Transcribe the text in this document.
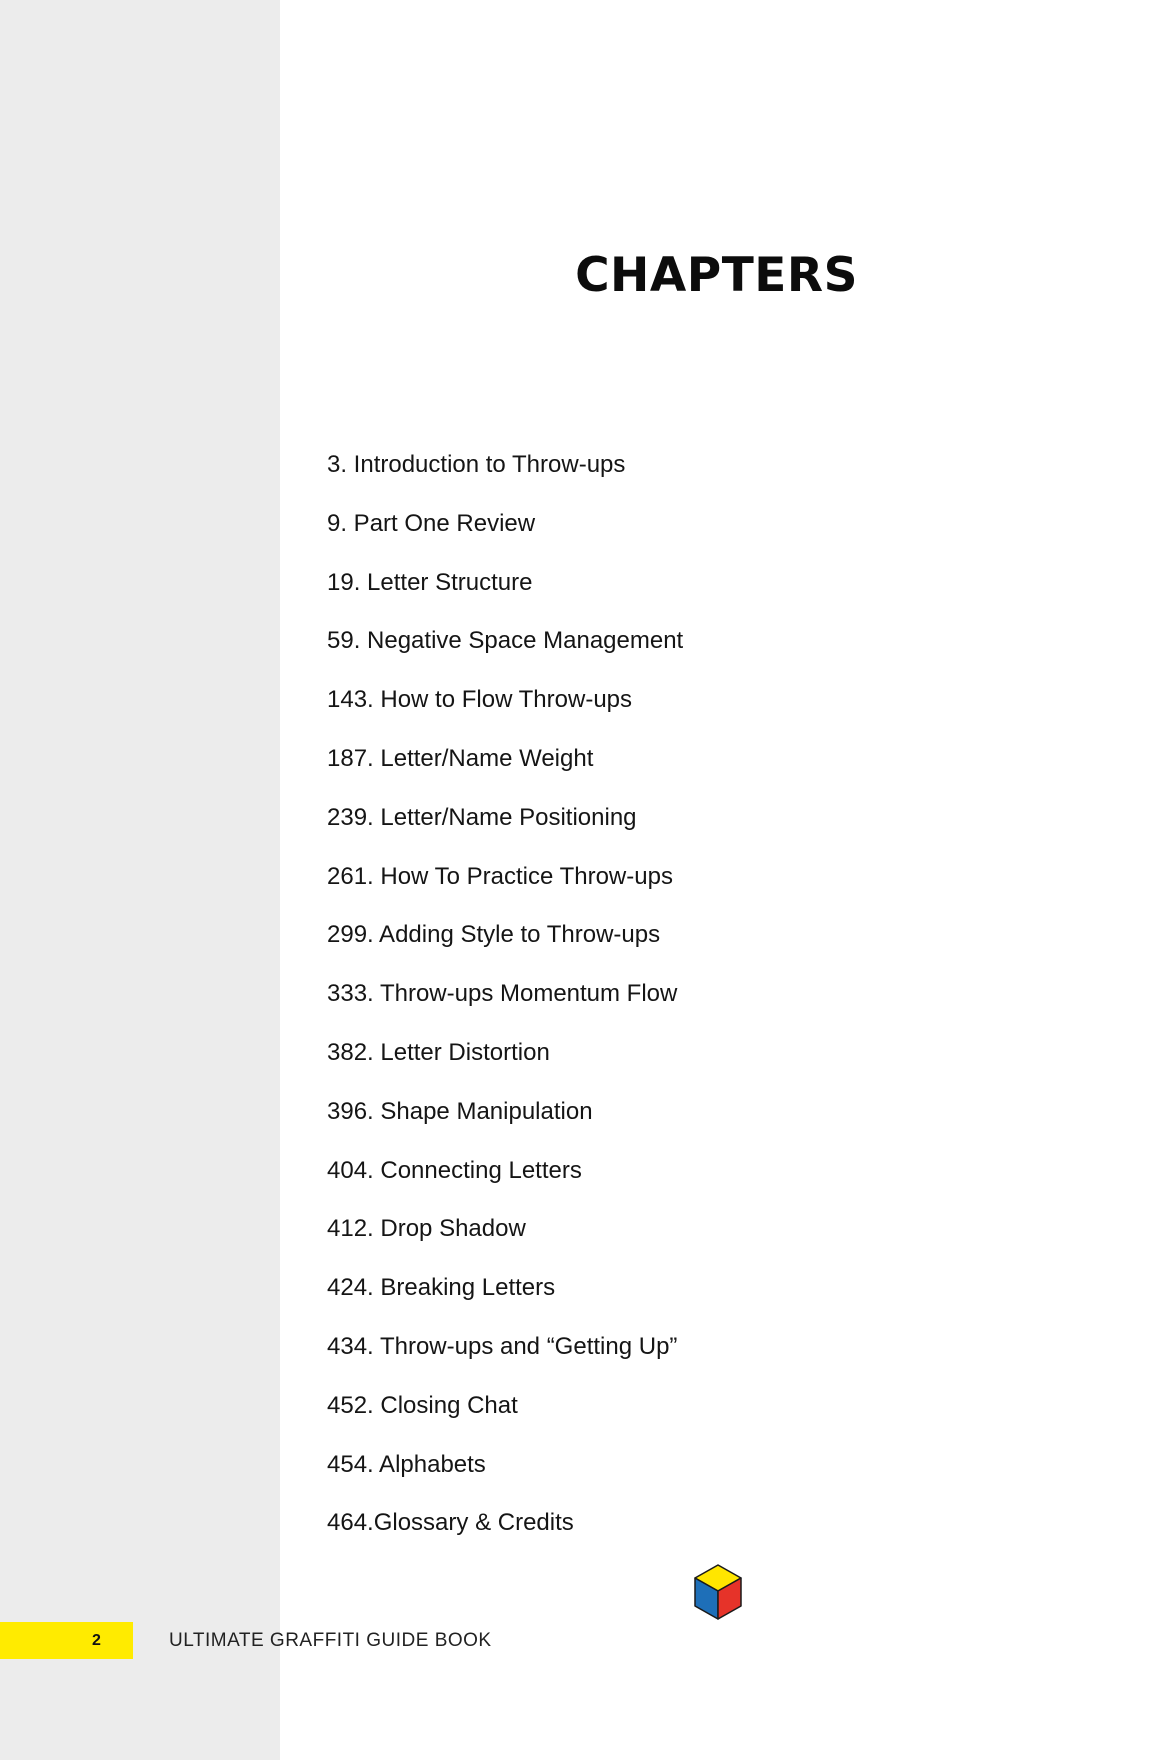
CHAPTERS
3. Introduction to Throw-ups
9. Part One Review
19. Letter Structure
59. Negative Space Management
143. How to Flow Throw-ups
187. Letter/Name Weight
239. Letter/Name Positioning
261. How To Practice Throw-ups
299. Adding Style to Throw-ups
333. Throw-ups Momentum Flow
382. Letter Distortion
396. Shape Manipulation
404. Connecting Letters
412. Drop Shadow
424. Breaking Letters
434. Throw-ups and “Getting Up”
452. Closing Chat
454. Alphabets
464.Glossary & Credits
2	ULTIMATE GRAFFITI GUIDE BOOK
